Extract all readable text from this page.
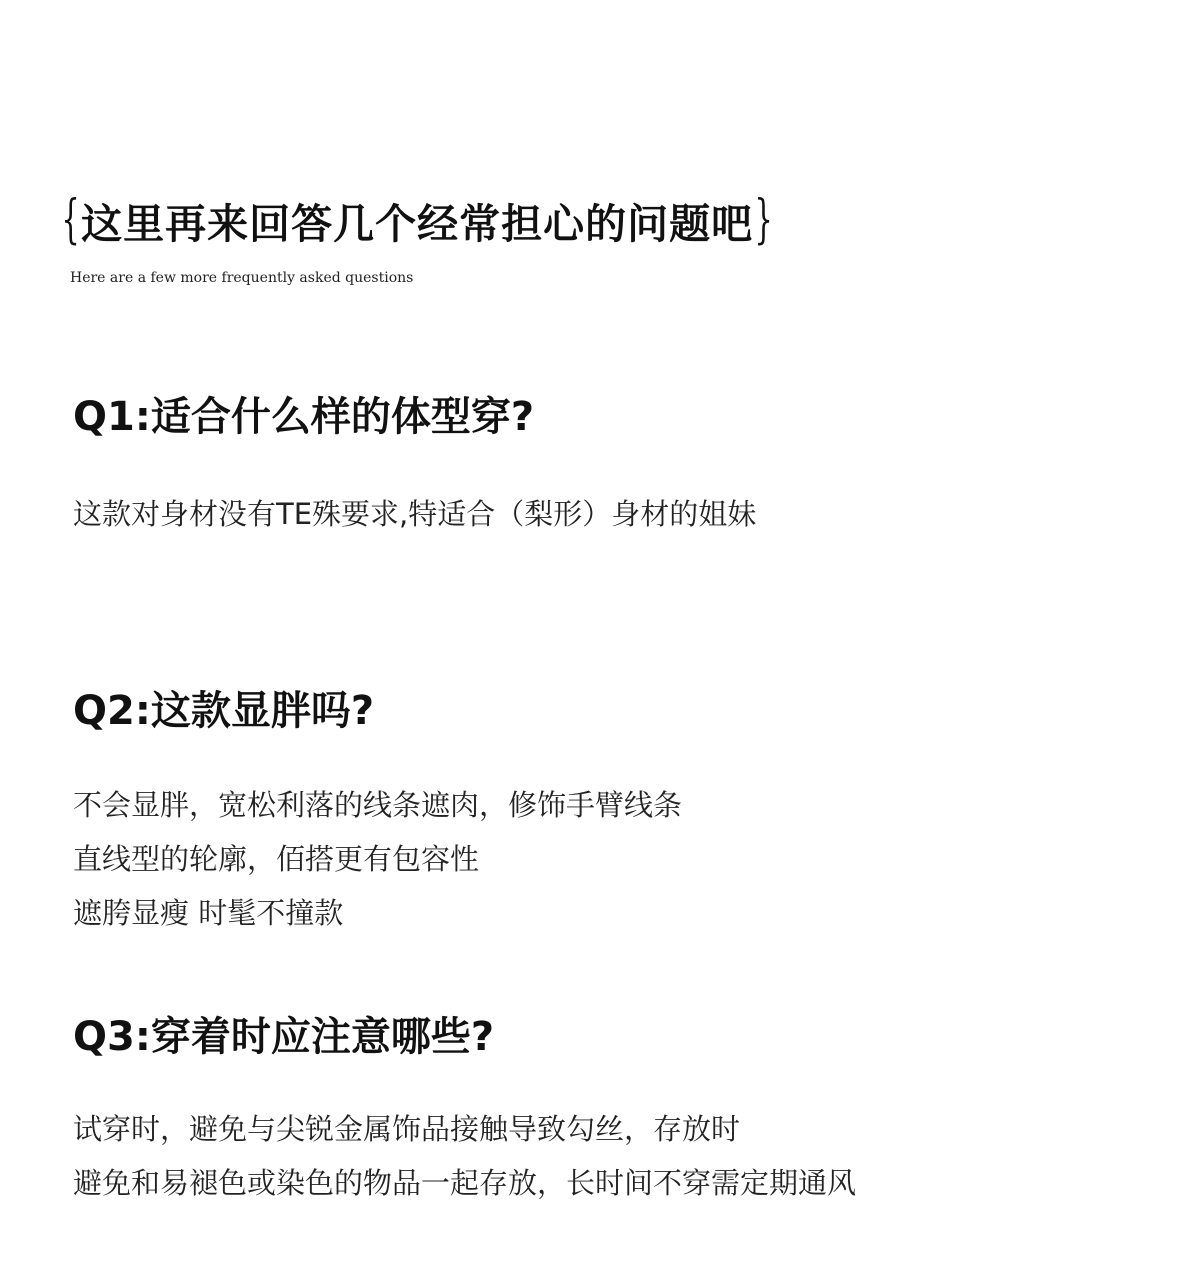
{ 这里再来回答几个经常担心的问题吧 }
Here are a few more frequently asked questions
Q1:适合什么样的体型穿?
这款对身材没有TE殊要求,特适合（梨形）身材的姐妹
Q2:这款显胖吗?
不会显胖，宽松利落的线条遮肉，修饰手臂线条
直线型的轮廓，佰搭更有包容性
遮胯显瘦 时髦不撞款
Q3:穿着时应注意哪些?
试穿时，避免与尖锐金属饰品接触导致勾丝，存放时
避免和易褪色或染色的物品一起存放，长时间不穿需定期通风
